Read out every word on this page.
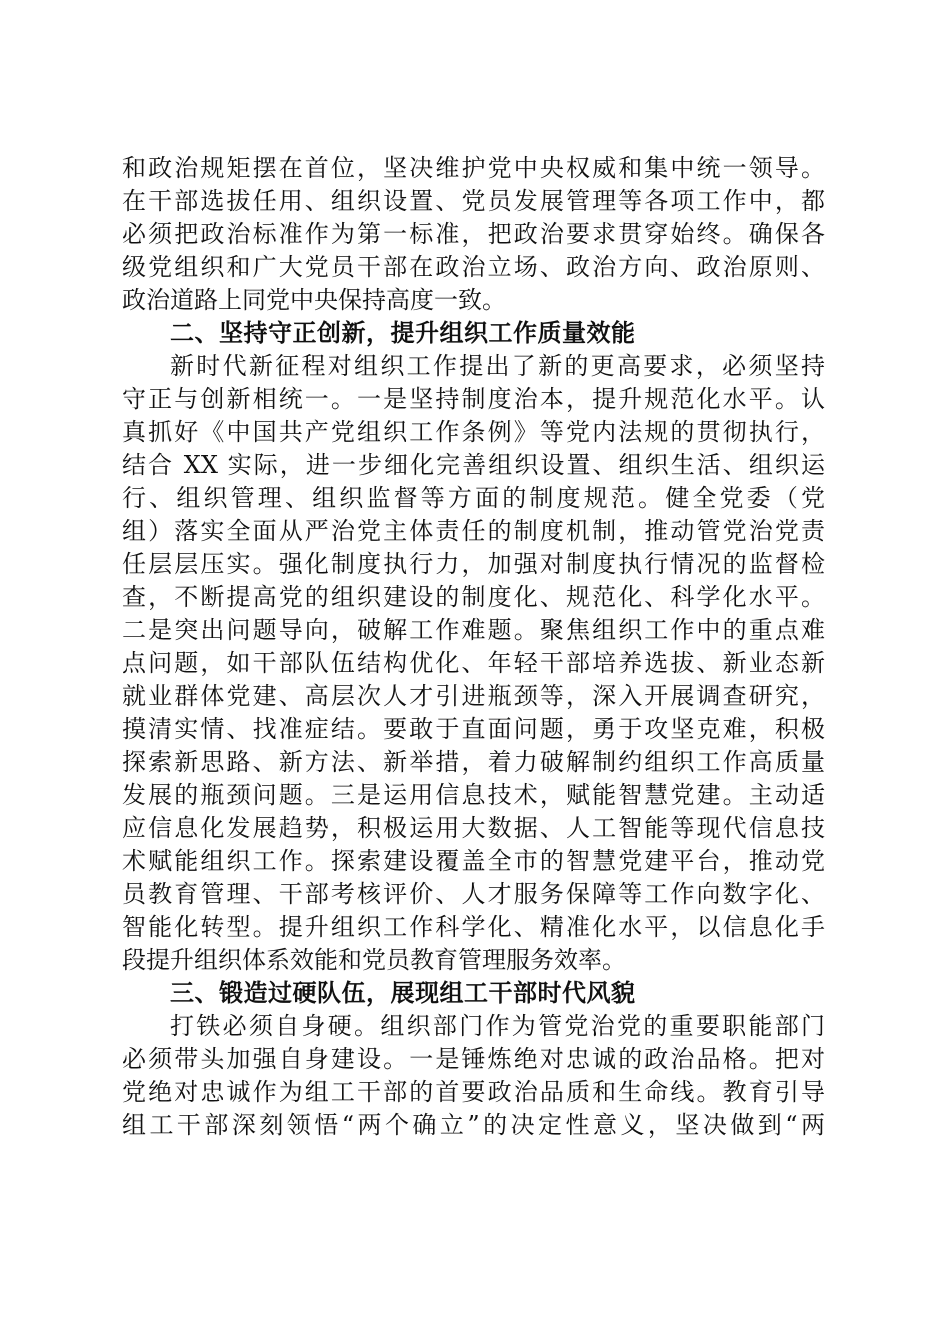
和政治规矩摆在首位，坚决维护党中央权威和集中统一领导。
在干部选拔任用、组织设置、党员发展管理等各项工作中，都
必须把政治标准作为第一标准，把政治要求贯穿始终。确保各
级党组织和广大党员干部在政治立场、政治方向、政治原则、
政治道路上同党中央保持高度一致。
二、坚持守正创新，提升组织工作质量效能
新时代新征程对组织工作提出了新的更高要求，必须坚持
守正与创新相统一。一是坚持制度治本，提升规范化水平。认
真抓好《中国共产党组织工作条例》等党内法规的贯彻执行，
结合 XX 实际，进一步细化完善组织设置、组织生活、组织运
行、组织管理、组织监督等方面的制度规范。健全党委（党
组）落实全面从严治党主体责任的制度机制，推动管党治党责
任层层压实。强化制度执行力，加强对制度执行情况的监督检
查，不断提高党的组织建设的制度化、规范化、科学化水平。
二是突出问题导向，破解工作难题。聚焦组织工作中的重点难
点问题，如干部队伍结构优化、年轻干部培养选拔、新业态新
就业群体党建、高层次人才引进瓶颈等，深入开展调查研究，
摸清实情、找准症结。要敢于直面问题，勇于攻坚克难，积极
探索新思路、新方法、新举措，着力破解制约组织工作高质量
发展的瓶颈问题。三是运用信息技术，赋能智慧党建。主动适
应信息化发展趋势，积极运用大数据、人工智能等现代信息技
术赋能组织工作。探索建设覆盖全市的智慧党建平台，推动党
员教育管理、干部考核评价、人才服务保障等工作向数字化、
智能化转型。提升组织工作科学化、精准化水平，以信息化手
段提升组织体系效能和党员教育管理服务效率。
三、锻造过硬队伍，展现组工干部时代风貌
打铁必须自身硬。组织部门作为管党治党的重要职能部门
必须带头加强自身建设。一是锤炼绝对忠诚的政治品格。把对
党绝对忠诚作为组工干部的首要政治品质和生命线。教育引导
组工干部深刻领悟“两个确立”的决定性意义，坚决做到“两
